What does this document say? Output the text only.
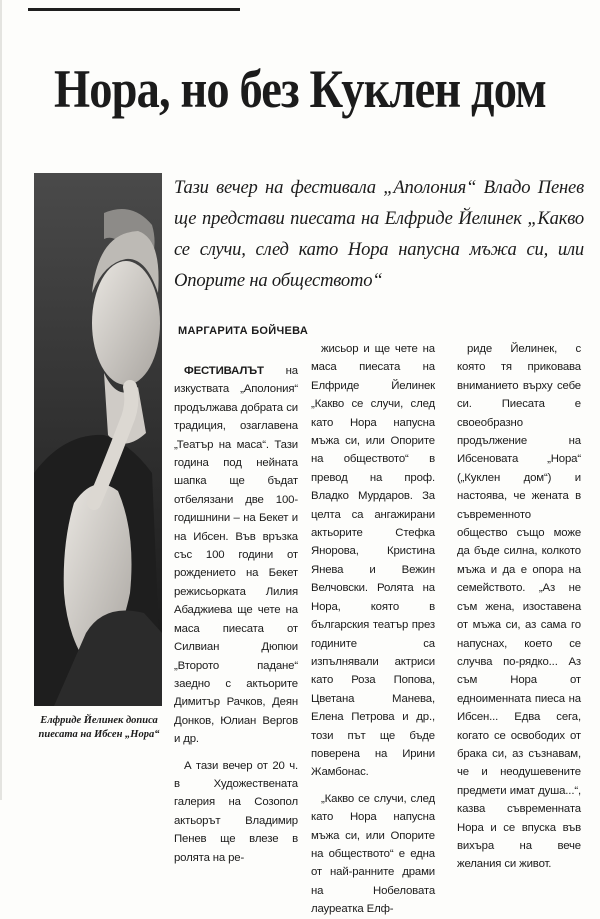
Нора, но без Куклен дом

Елфриде Йелинек дописа пиесата на Ибсен „Нора“

Тази вечер на фестивала „Аполония“ Владо Пенев ще представи пиесата на Елфриде Йелинек „Какво се случи, след като Нора напусна мъжа си, или Опорите на обществото“

МАРГАРИТА БОЙЧЕВА

ФЕСТИВАЛЪТ на изкуствата „Аполония“ продължава добрата си традиция, озаглавена „Театър на маса“. Тази година под нейната шапка ще бъдат отбелязани две 100-годишнини – на Бекет и на Ибсен. Във връзка със 100 години от рождението на Бекет режисьорката Лилия Абаджиева ще чете на маса пиесата от Силвиан Дюпюи „Второто падане“ заедно с актьорите Димитър Рачков, Деян Донков, Юлиан Вергов и др.

А тази вечер от 20 ч. в Художествената галерия на Созопол актьорът Владимир Пенев ще влезе в ролята на ре-

жисьор и ще чете на маса пиесата на Елфриде Йелинек „Какво се случи, след като Нора напусна мъжа си, или Опорите на обществото“ в превод на проф. Владко Мурдаров. За целта са ангажирани актьорите Стефка Янорова, Кристина Янева и Вежин Велчовски. Ролята на Нора, която в българския театър през годините са изпълнявали актриси като Роза Попова, Цветана Манева, Елена Петрова и др., този път ще бъде поверена на Ирини Жамбонас.

„Какво се случи, след като Нора напусна мъжа си, или Опорите на обществото“ е една от най-ранните драми на Нобеловата лауреатка Елф-

риде Йелинек, с която тя приковава вниманието върху себе си. Пиесата е своеобразно продължение на Ибсеновата „Нора“ („Куклен дом“) и настоява, че жената в съвременното общество също може да бъде силна, колкото мъжа и да е опора на семейството. „Аз не съм жена, изоставена от мъжа си, аз сама го напуснах, което се случва по-рядко... Аз съм Нора от едноименната пиеса на Ибсен... Едва сега, когато се освободих от брака си, аз съзнавам, че и неодушевените предмети имат душа...“, казва съвременната Нора и се впуска във вихъра на вече желания си живот.
